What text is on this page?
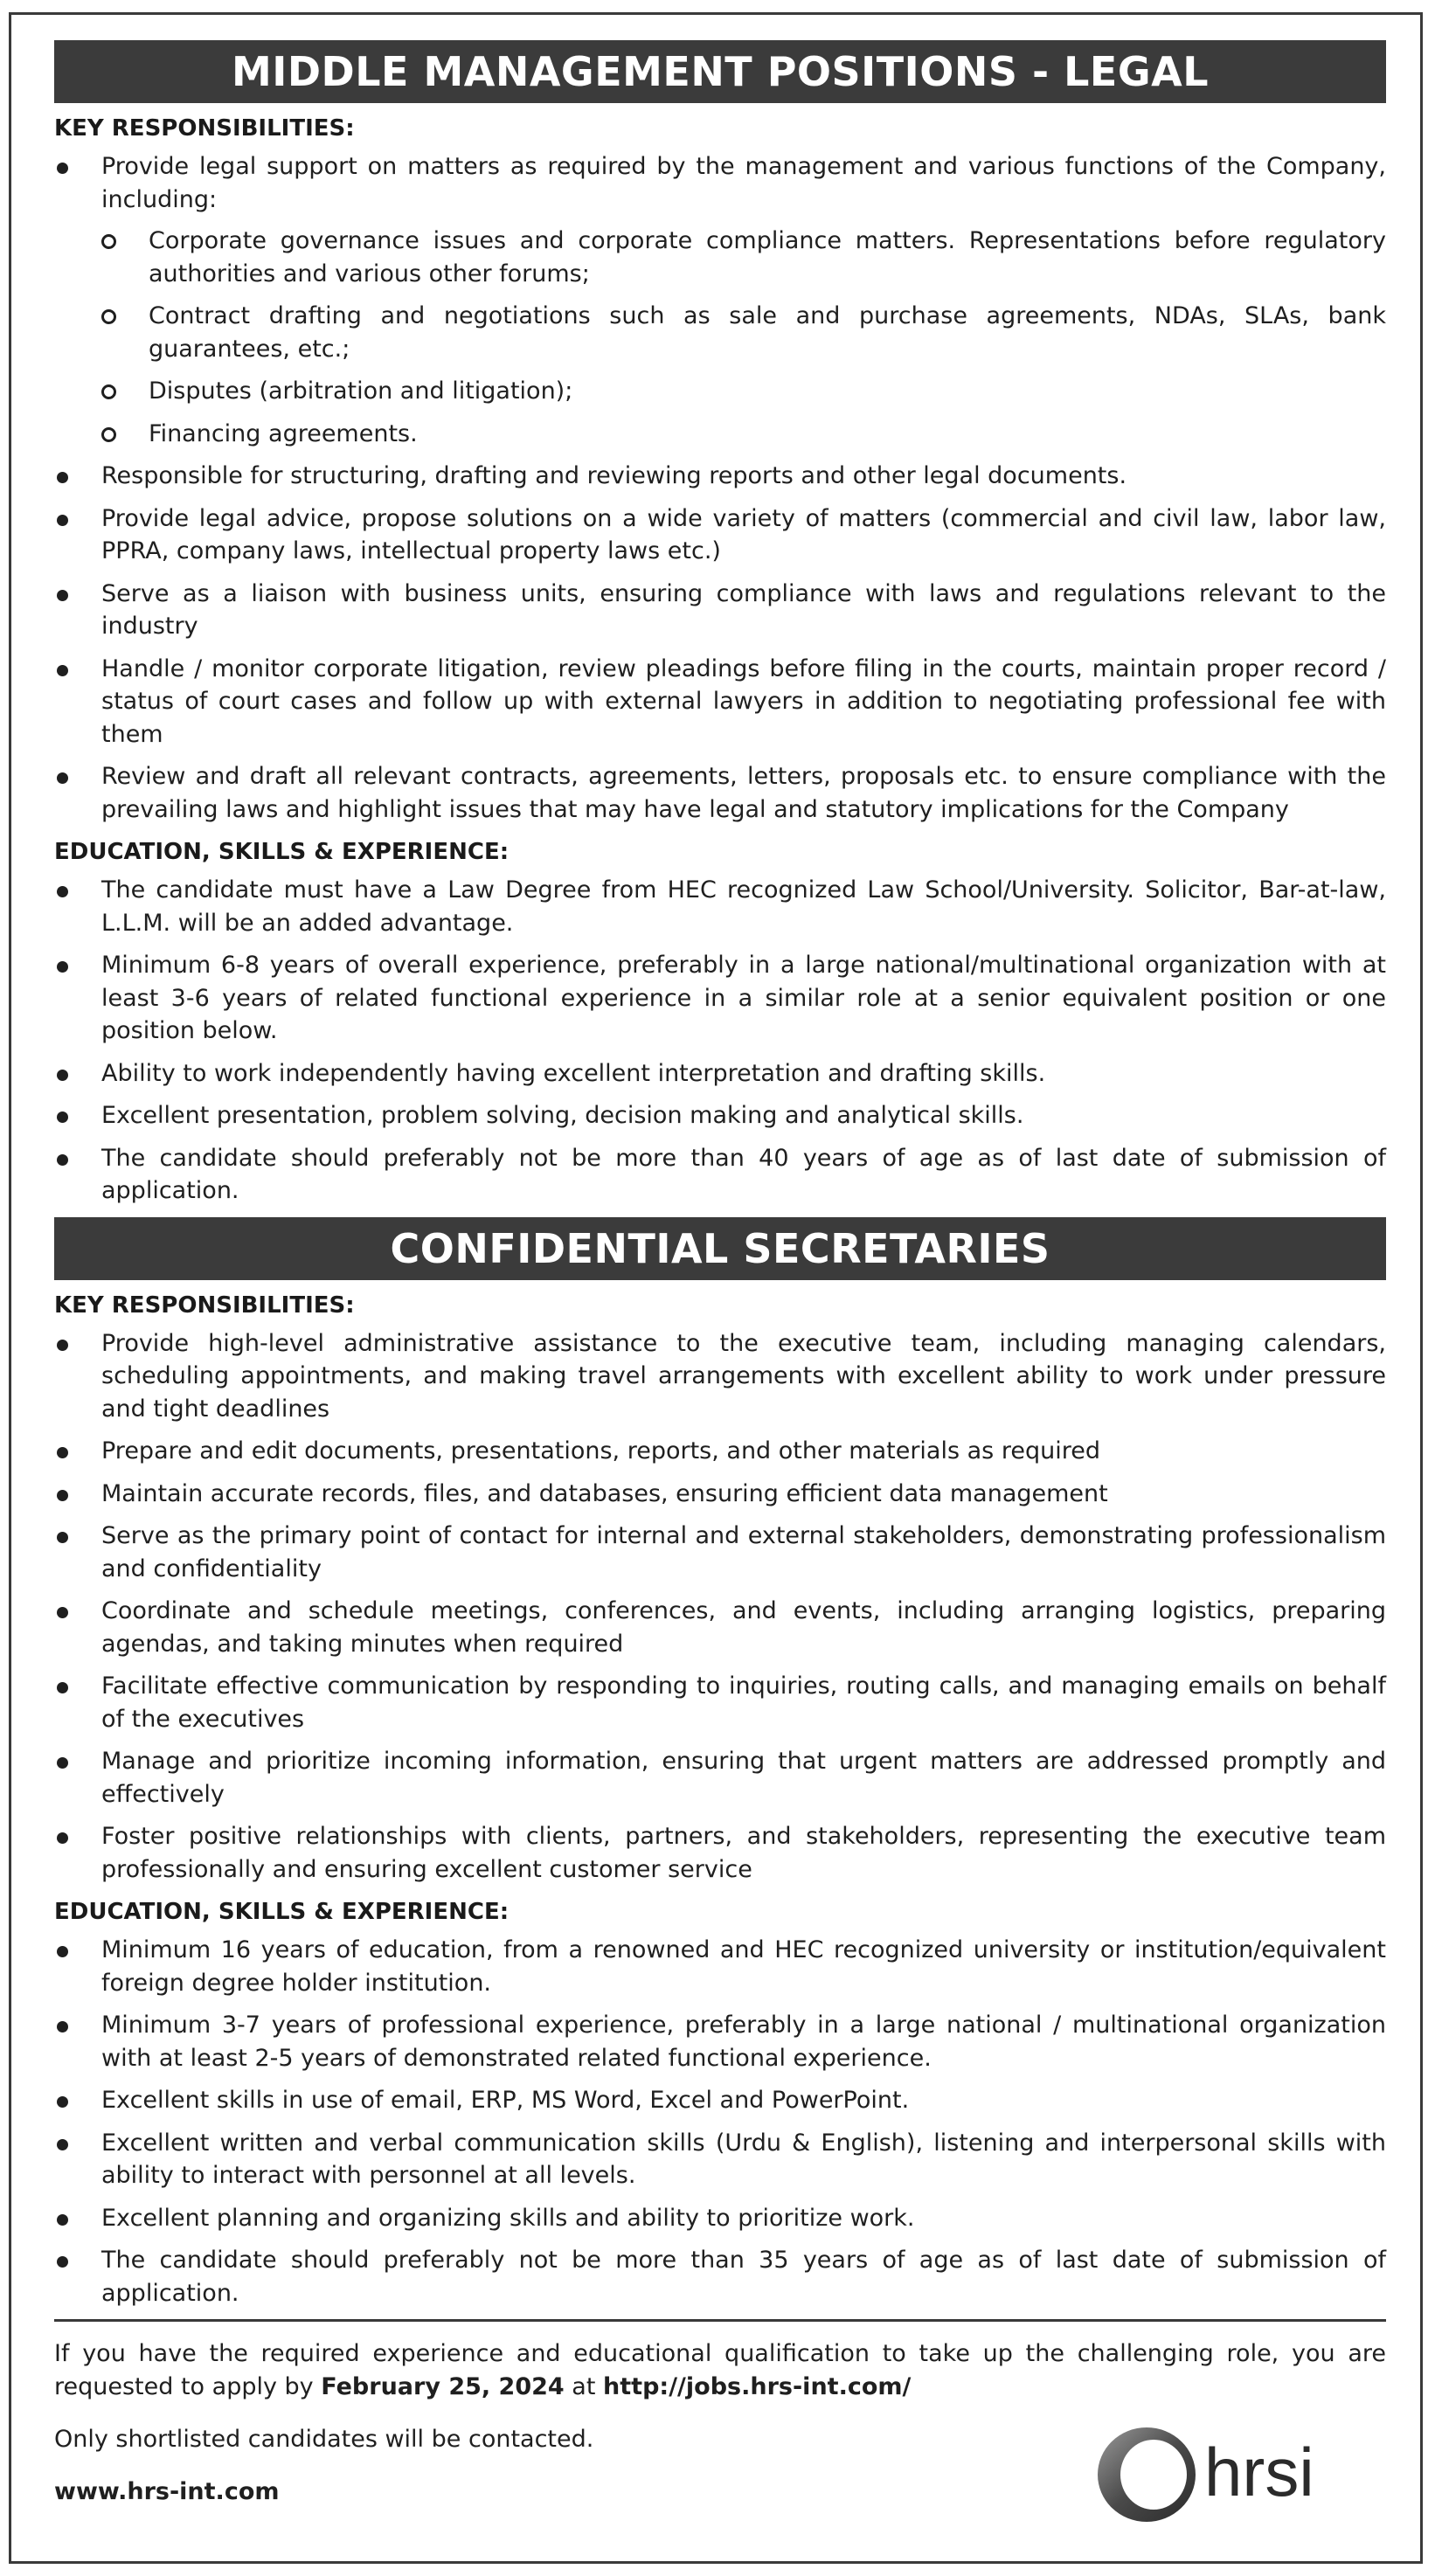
MIDDLE MANAGEMENT POSITIONS - LEGAL
KEY RESPONSIBILITIES:
Provide legal support on matters as required by the management and various functions of the Company, including:
Corporate governance issues and corporate compliance matters. Representations before regulatory authorities and various other forums;
Contract drafting and negotiations such as sale and purchase agreements, NDAs, SLAs, bank guarantees, etc.;
Disputes (arbitration and litigation);
Financing agreements.
Responsible for structuring, drafting and reviewing reports and other legal documents.
Provide legal advice, propose solutions on a wide variety of matters (commercial and civil law, labor law, PPRA, company laws, intellectual property laws etc.)
Serve as a liaison with business units, ensuring compliance with laws and regulations relevant to the industry
Handle / monitor corporate litigation, review pleadings before filing in the courts, maintain proper record / status of court cases and follow up with external lawyers in addition to negotiating professional fee with them
Review and draft all relevant contracts, agreements, letters, proposals etc. to ensure compliance with the prevailing laws and highlight issues that may have legal and statutory implications for the Company
EDUCATION, SKILLS & EXPERIENCE:
The candidate must have a Law Degree from HEC recognized Law School/University. Solicitor, Bar-at-law, L.L.M. will be an added advantage.
Minimum 6-8 years of overall experience, preferably in a large national/multinational organization with at least 3-6 years of related functional experience in a similar role at a senior equivalent position or one position below.
Ability to work independently having excellent interpretation and drafting skills.
Excellent presentation, problem solving, decision making and analytical skills.
The candidate should preferably not be more than 40 years of age as of last date of submission of application.
CONFIDENTIAL SECRETARIES
KEY RESPONSIBILITIES:
Provide high-level administrative assistance to the executive team, including managing calendars, scheduling appointments, and making travel arrangements with excellent ability to work under pressure and tight deadlines
Prepare and edit documents, presentations, reports, and other materials as required
Maintain accurate records, files, and databases, ensuring efficient data management
Serve as the primary point of contact for internal and external stakeholders, demonstrating professionalism and confidentiality
Coordinate and schedule meetings, conferences, and events, including arranging logistics, preparing agendas, and taking minutes when required
Facilitate effective communication by responding to inquiries, routing calls, and managing emails on behalf of the executives
Manage and prioritize incoming information, ensuring that urgent matters are addressed promptly and effectively
Foster positive relationships with clients, partners, and stakeholders, representing the executive team professionally and ensuring excellent customer service
EDUCATION, SKILLS & EXPERIENCE:
Minimum 16 years of education, from a renowned and HEC recognized university or institution/equivalent foreign degree holder institution.
Minimum 3-7 years of professional experience, preferably in a large national / multinational organization with at least 2-5 years of demonstrated related functional experience.
Excellent skills in use of email, ERP, MS Word, Excel and PowerPoint.
Excellent written and verbal communication skills (Urdu & English), listening and interpersonal skills with ability to interact with personnel at all levels.
Excellent planning and organizing skills and ability to prioritize work.
The candidate should preferably not be more than 35 years of age as of last date of submission of application.

If you have the required experience and educational qualification to take up the challenging role, you are requested to apply by February 25, 2024 at http://jobs.hrs-int.com/

Only shortlisted candidates will be contacted.

www.hrs-int.com	hrsi
